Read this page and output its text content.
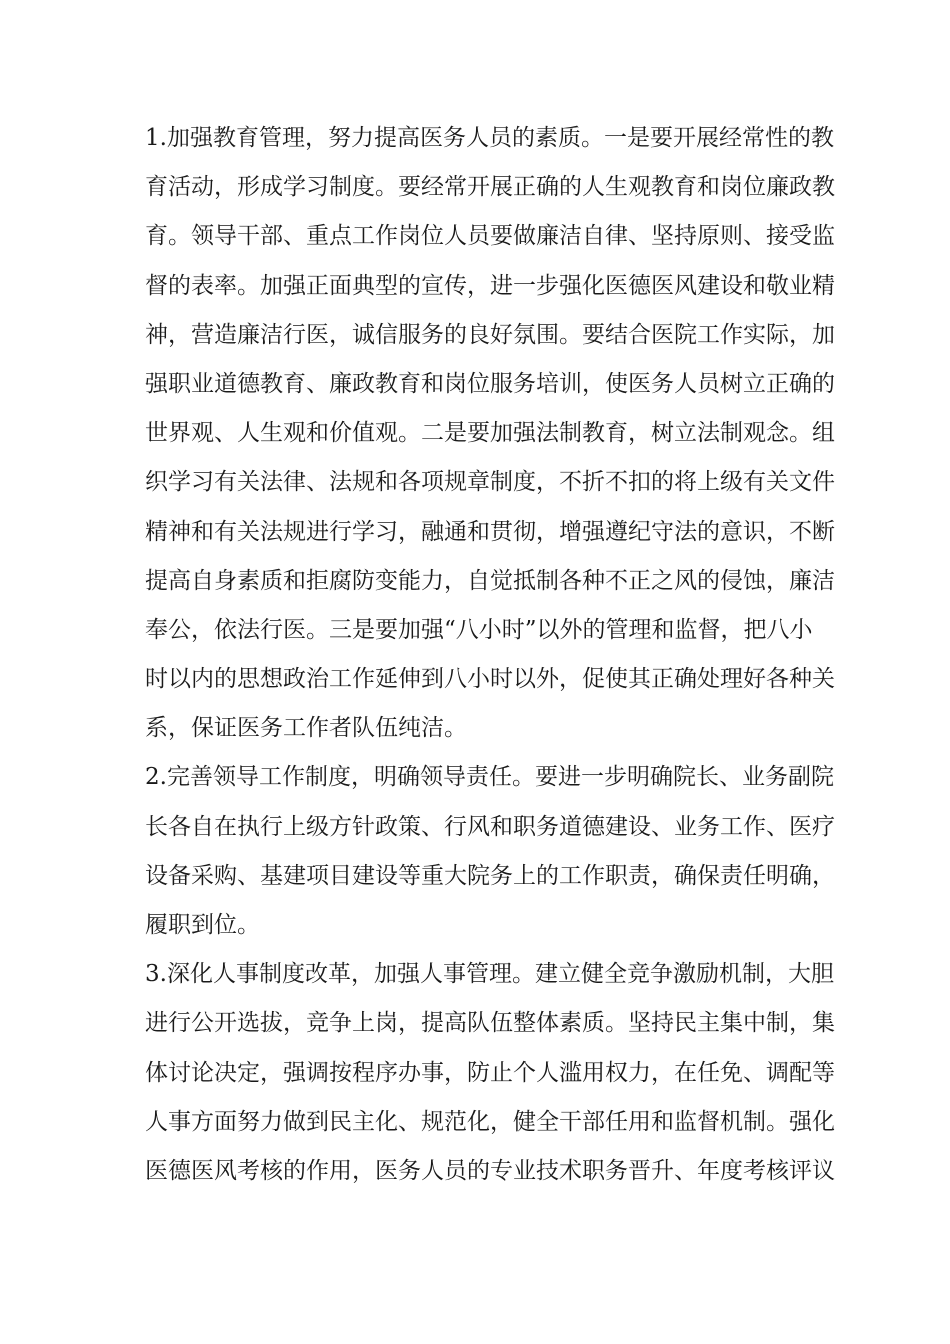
1.加强教育管理，努力提高医务人员的素质。一是要开展经常性的教
育活动，形成学习制度。要经常开展正确的人生观教育和岗位廉政教
育。领导干部、重点工作岗位人员要做廉洁自律、坚持原则、接受监
督的表率。加强正面典型的宣传，进一步强化医德医风建设和敬业精
神，营造廉洁行医，诚信服务的良好氛围。要结合医院工作实际，加
强职业道德教育、廉政教育和岗位服务培训，使医务人员树立正确的
世界观、人生观和价值观。二是要加强法制教育，树立法制观念。组
织学习有关法律、法规和各项规章制度，不折不扣的将上级有关文件
精神和有关法规进行学习，融通和贯彻，增强遵纪守法的意识，不断
提高自身素质和拒腐防变能力，自觉抵制各种不正之风的侵蚀，廉洁
奉公，依法行医。三是要加强“八小时”以外的管理和监督，把八小
时以内的思想政治工作延伸到八小时以外，促使其正确处理好各种关
系，保证医务工作者队伍纯洁。
2.完善领导工作制度，明确领导责任。要进一步明确院长、业务副院
长各自在执行上级方针政策、行风和职务道德建设、业务工作、医疗
设备采购、基建项目建设等重大院务上的工作职责，确保责任明确，
履职到位。
3.深化人事制度改革，加强人事管理。建立健全竞争激励机制，大胆
进行公开选拔，竞争上岗，提高队伍整体素质。坚持民主集中制，集
体讨论决定，强调按程序办事，防止个人滥用权力，在任免、调配等
人事方面努力做到民主化、规范化，健全干部任用和监督机制。强化
医德医风考核的作用，医务人员的专业技术职务晋升、年度考核评议
